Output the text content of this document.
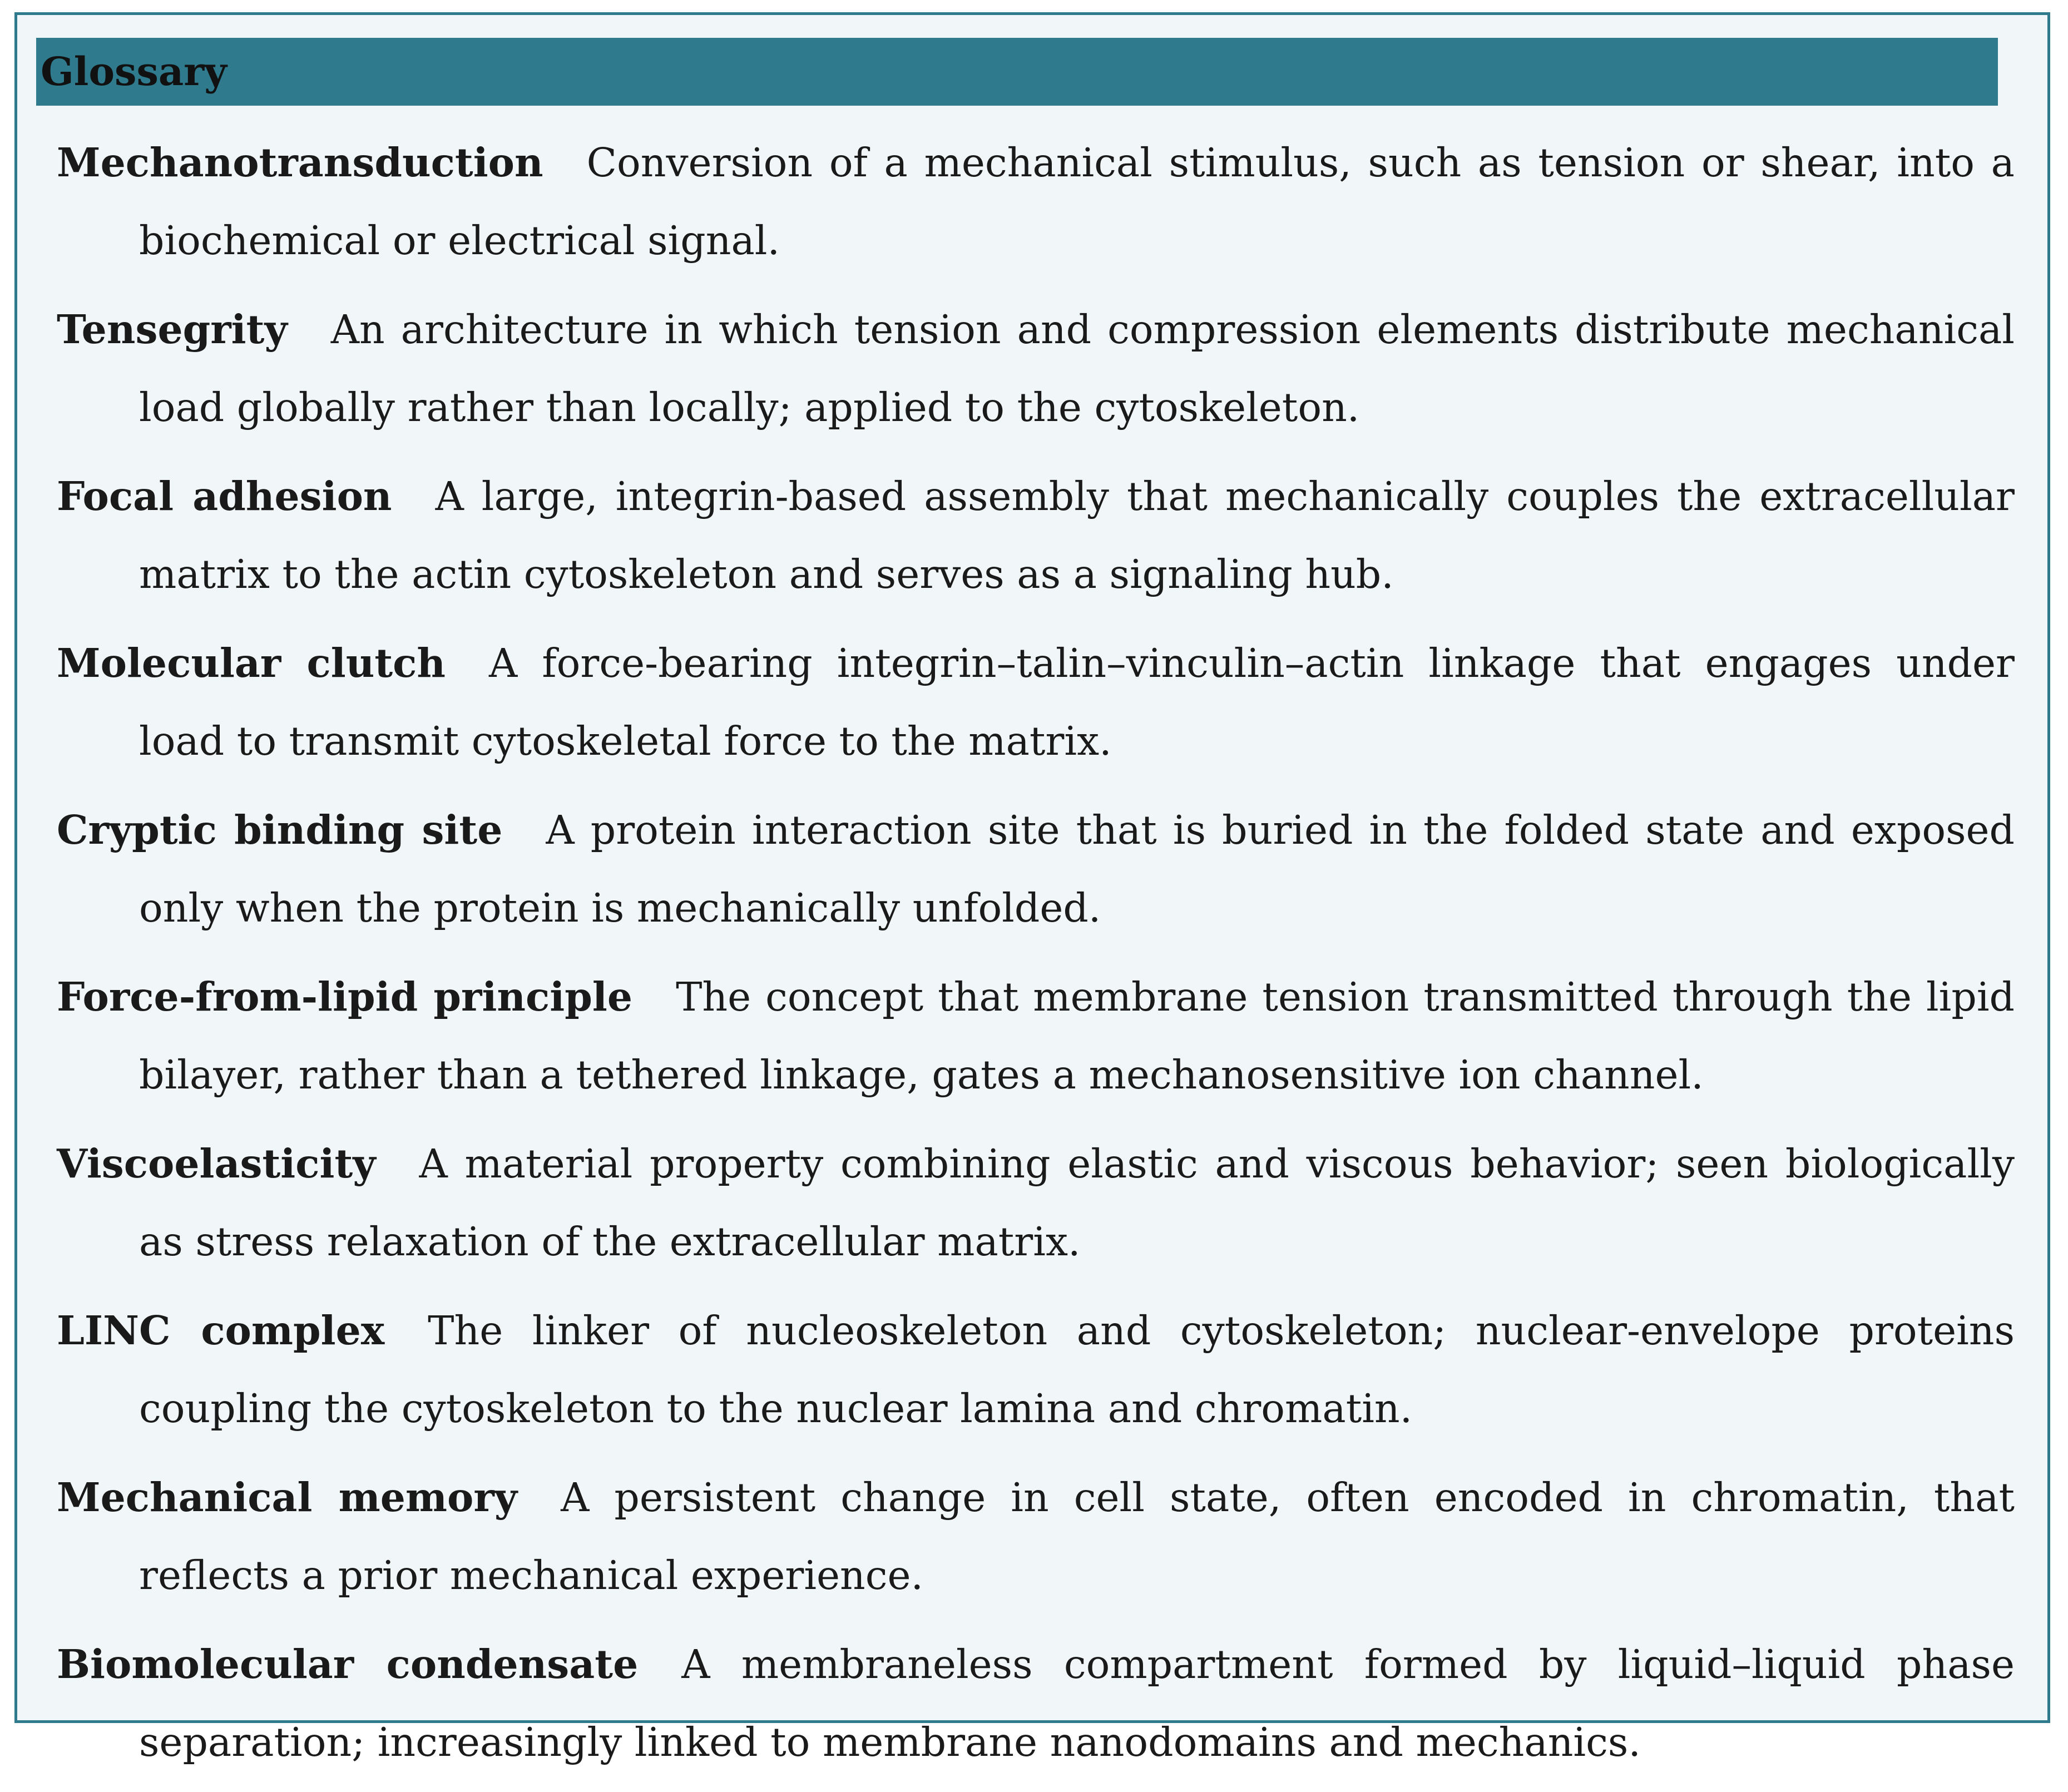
Glossary

Mechanotransduction Conversion of a mechanical stimulus, such as tension or shear, into a biochemical or electrical signal.

Tensegrity An architecture in which tension and compression elements distribute mechanical load globally rather than locally; applied to the cytoskeleton.

Focal adhesion A large, integrin-based assembly that mechanically couples the extracellular matrix to the actin cytoskeleton and serves as a signaling hub.

Molecular clutch A force-bearing integrin–talin–vinculin–actin linkage that engages under load to transmit cytoskeletal force to the matrix.

Cryptic binding site A protein interaction site that is buried in the folded state and exposed only when the protein is mechanically unfolded.

Force-from-lipid principle The concept that membrane tension transmitted through the lipid bilayer, rather than a tethered linkage, gates a mechanosensitive ion channel.

Viscoelasticity A material property combining elastic and viscous behavior; seen biologically as stress relaxation of the extracellular matrix.

LINC complex The linker of nucleoskeleton and cytoskeleton; nuclear-envelope proteins coupling the cytoskeleton to the nuclear lamina and chromatin.

Mechanical memory A persistent change in cell state, often encoded in chromatin, that reflects a prior mechanical experience.

Biomolecular condensate A membraneless compartment formed by liquid–liquid phase separation; increasingly linked to membrane nanodomains and mechanics.
